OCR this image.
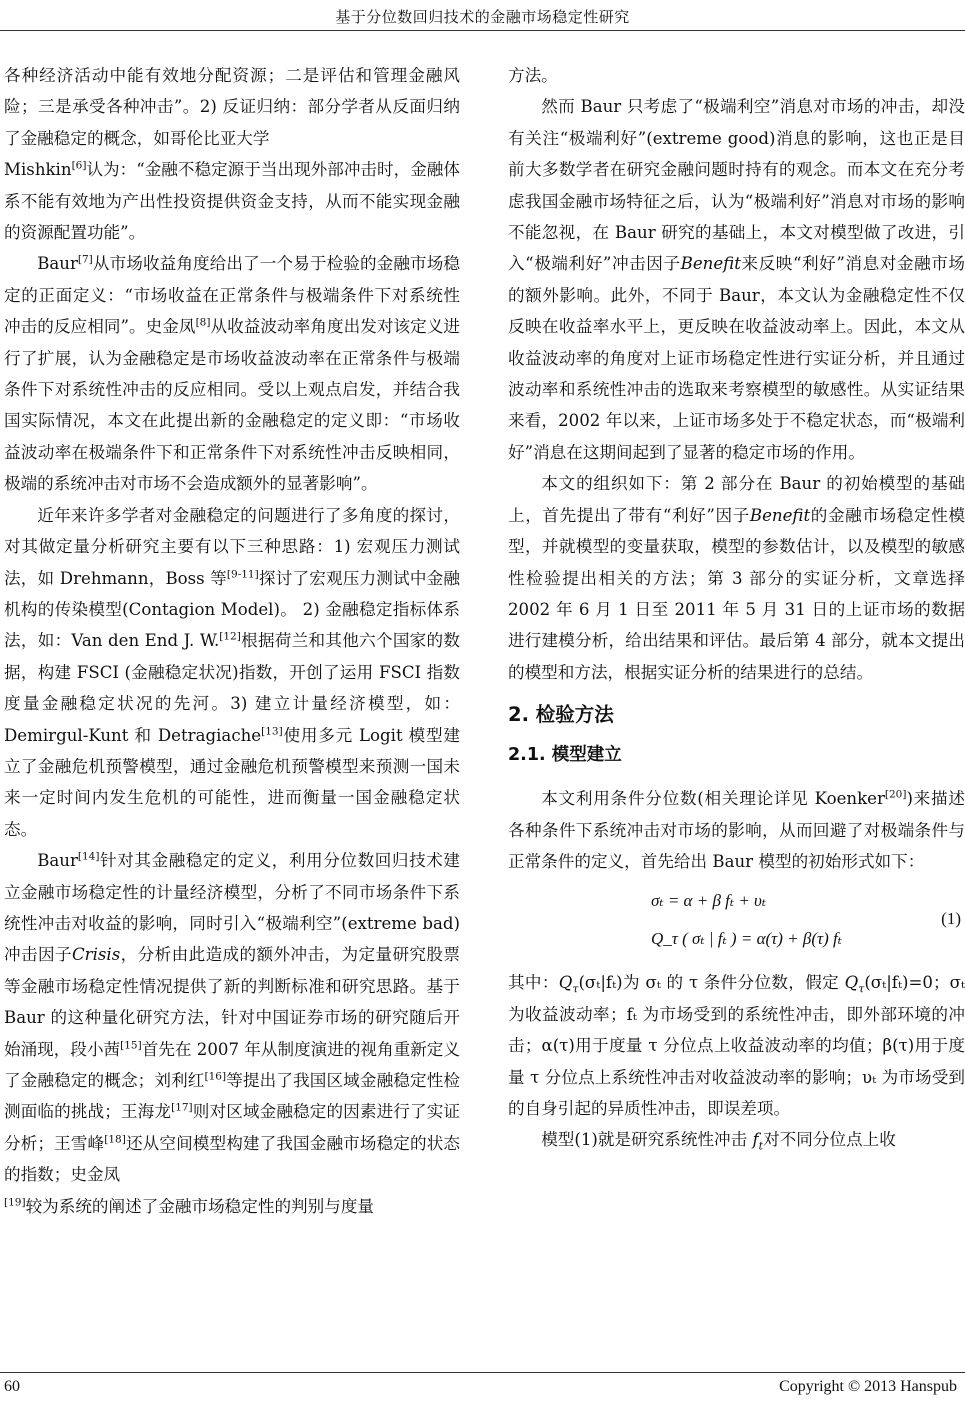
基于分位数回归技术的金融市场稳定性研究

各种经济活动中能有效地分配资源；二是评估和管理金融风险；三是承受各种冲击”。2) 反证归纳：部分学者从反面归纳了金融稳定的概念，如哥伦比亚大学
Mishkin[6]认为：“金融不稳定源于当出现外部冲击时，金融体系不能有效地为产出性投资提供资金支持，从而不能实现金融的资源配置功能”。

Baur[7]从市场收益角度给出了一个易于检验的金融市场稳定的正面定义：“市场收益在正常条件与极端条件下对系统性冲击的反应相同”。史金凤[8]从收益波动率角度出发对该定义进行了扩展，认为金融稳定是市场收益波动率在正常条件与极端条件下对系统性冲击的反应相同。受以上观点启发，并结合我国实际情况，本文在此提出新的金融稳定的定义即：“市场收益波动率在极端条件下和正常条件下对系统性冲击反映相同，极端的系统冲击对市场不会造成额外的显著影响”。

近年来许多学者对金融稳定的问题进行了多角度的探讨，对其做定量分析研究主要有以下三种思路：1) 宏观压力测试法，如 Drehmann，Boss 等[9-11]探讨了宏观压力测试中金融机构的传染模型(Contagion Model)。 2) 金融稳定指标体系法，如：Van den End J. W.[12]根据荷兰和其他六个国家的数据，构建 FSCI (金融稳定状况)指数，开创了运用 FSCI 指数度量金融稳定状况的先河。3) 建立计量经济模型，如：Demirgul-Kunt 和 Detragiache[13]使用多元 Logit 模型建立了金融危机预警模型，通过金融危机预警模型来预测一国未来一定时间内发生危机的可能性，进而衡量一国金融稳定状态。

Baur[14]针对其金融稳定的定义，利用分位数回归技术建立金融市场稳定性的计量经济模型，分析了不同市场条件下系统性冲击对收益的影响，同时引入“极端利空”(extreme bad)冲击因子Crisis，分析由此造成的额外冲击，为定量研究股票等金融市场稳定性情况提供了新的判断标准和研究思路。基于 Baur 的这种量化研究方法，针对中国证券市场的研究随后开始涌现，段小茜[15]首先在 2007 年从制度演进的视角重新定义了金融稳定的概念；刘利红[16]等提出了我国区域金融稳定性检测面临的挑战；王海龙[17]则对区域金融稳定的因素进行了实证分析；王雪峰[18]还从空间模型构建了我国金融市场稳定的状态的指数；史金凤
[19]较为系统的阐述了金融市场稳定性的判别与度量

方法。

然而 Baur 只考虑了“极端利空”消息对市场的冲击，却没有关注“极端利好”(extreme good)消息的影响，这也正是目前大多数学者在研究金融问题时持有的观念。而本文在充分考虑我国金融市场特征之后，认为“极端利好”消息对市场的影响不能忽视，在 Baur 研究的基础上，本文对模型做了改进，引入“极端利好”冲击因子Benefit来反映“利好”消息对金融市场的额外影响。此外，不同于 Baur，本文认为金融稳定性不仅反映在收益率水平上，更反映在收益波动率上。因此，本文从收益波动率的角度对上证市场稳定性进行实证分析，并且通过波动率和系统性冲击的选取来考察模型的敏感性。从实证结果来看，2002 年以来，上证市场多处于不稳定状态，而“极端利好”消息在这期间起到了显著的稳定市场的作用。

本文的组织如下：第 2 部分在 Baur 的初始模型的基础上，首先提出了带有“利好”因子Benefit的金融市场稳定性模型，并就模型的变量获取，模型的参数估计，以及模型的敏感性检验提出相关的方法；第 3 部分的实证分析，文章选择 2002 年 6 月 1 日至 2011 年 5 月 31 日的上证市场的数据进行建模分析，给出结果和评估。最后第 4 部分，就本文提出的模型和方法，根据实证分析的结果进行的总结。

2. 检验方法
2.1. 模型建立

本文利用条件分位数(相关理论详见 Koenker[20])来描述各种条件下系统冲击对市场的影响，从而回避了对极端条件与正常条件的定义，首先给出 Baur 模型的初始形式如下：

σₜ = α + β fₜ + υₜ
Q_τ ( σₜ | fₜ ) = α(τ) + β(τ) fₜ
(1)

其中：$Q_\tau(\sigma_t|f_t)$为 σₜ 的 τ 条件分位数，假定 $Q_\tau(\sigma_t|f_t)=0$；σₜ 为收益波动率；fₜ 为市场受到的系统性冲击，即外部环境的冲击；α(τ)用于度量 τ 分位点上收益波动率的均值；β(τ)用于度量 τ 分位点上系统性冲击对收益波动率的影响；υₜ 为市场受到的自身引起的异质性冲击，即误差项。

模型(1)就是研究系统性冲击 $f_t$对不同分位点上收

60	Copyright © 2013 Hanspub
